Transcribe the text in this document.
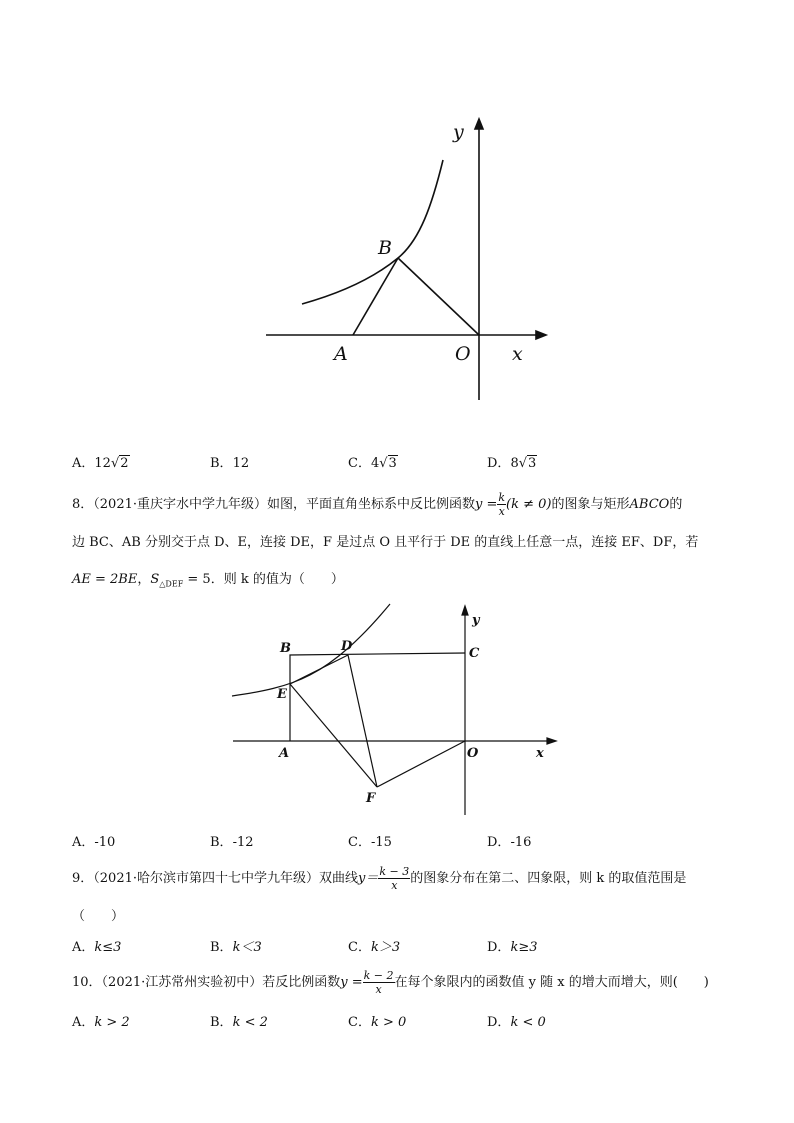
y
B
A	O x
A．12√2	B．12	C．4√3	D．8√3
8．（2021·重庆字水中学九年级）如图，平面直角坐标系中反比例函数$y = \frac{k}{x} (k \ne 0)$的图象与矩形ABCO的
边 BC、AB 分别交于点 D、E，连接 DE，F 是过点 O 且平行于 DE 的直线上任意一点，连接 EF、DF，若
AE = 2BE，$S_{\triangle DEF} = 5$．则 k 的值为（　　）
y
B	D	C
E
A	O	x
F
A．-10	B．-12	C．-15	D．-16
9．（2021·哈尔滨市第四十七中学九年级）双曲线$y= \frac{k - 3}{x}$ 的图象分布在第二、四象限，则 k 的取值范围是
（　　）
A．k≤3	B．k＜3	C．k＞3	D．k≥3
10．（2021·江苏常州实验初中）若反比例函数$y = \frac{k - 2}{x}$ 在每个象限内的函数值 y 随 x 的增大而增大，则(　　)
A．k > 2	B．k < 2	C．k > 0	D．k < 0
